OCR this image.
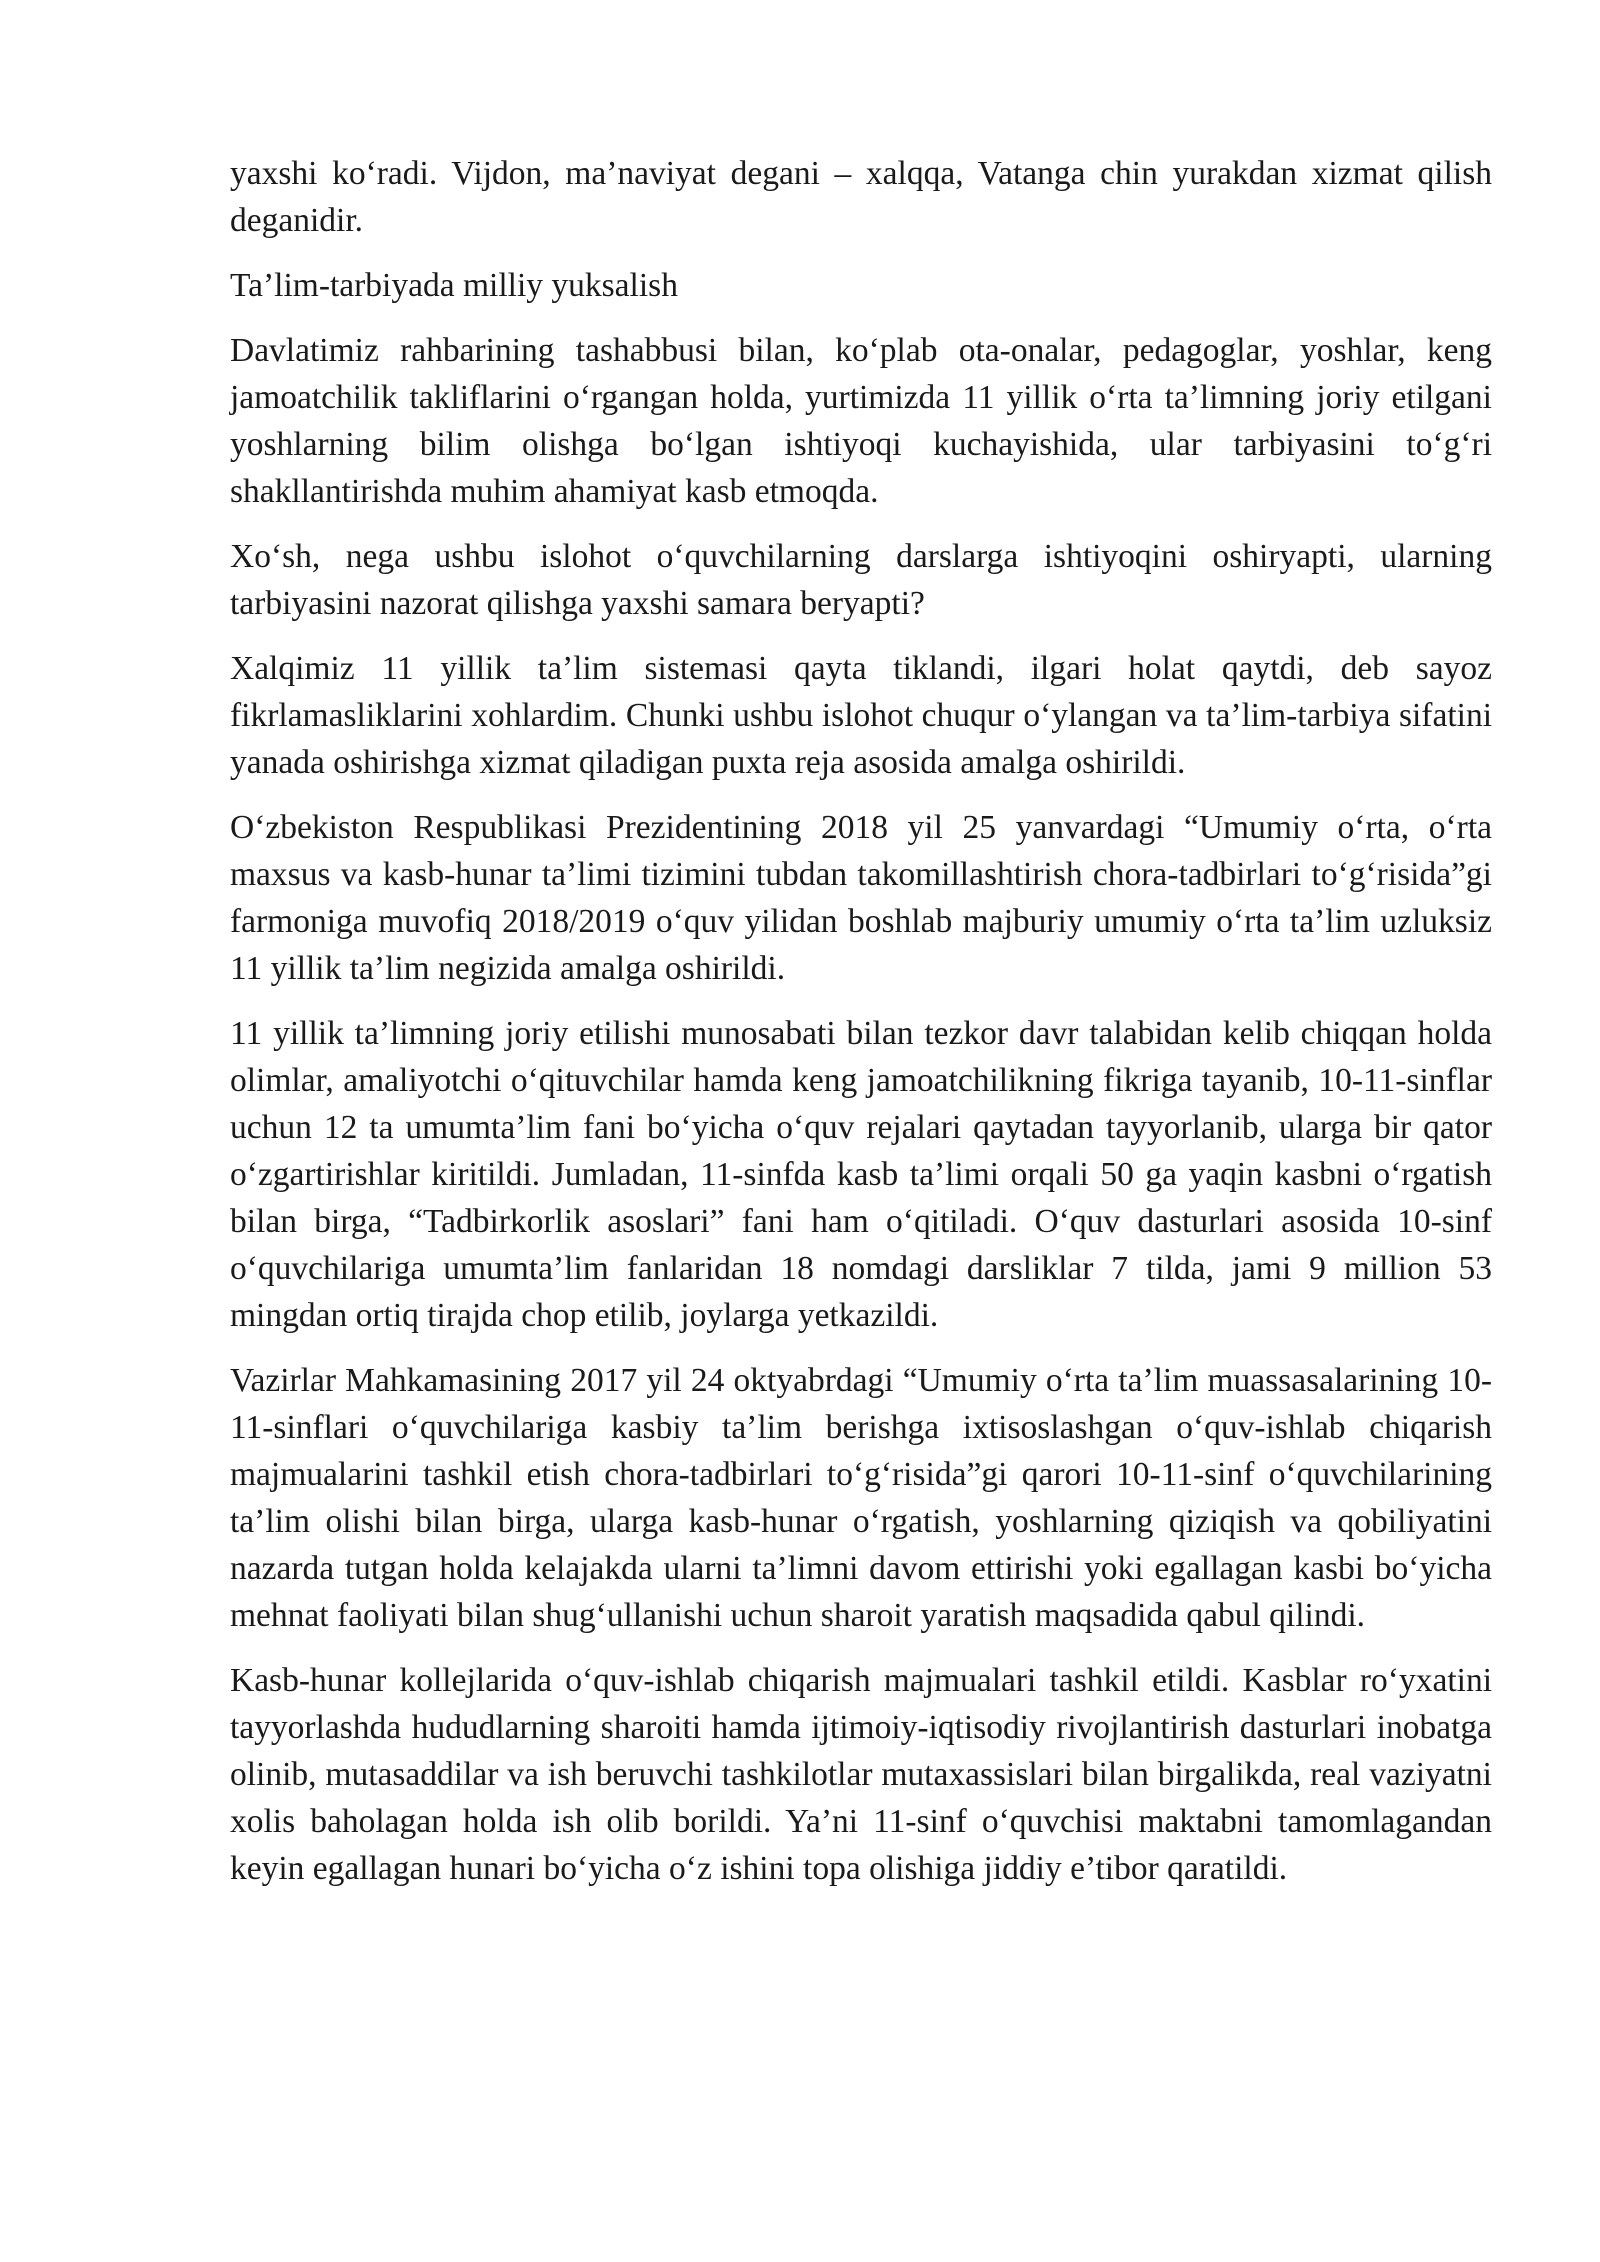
yaxshi ko‘radi. Vijdon, ma’naviyat degani – xalqqa, Vatanga chin yurakdan xizmat qilish deganidir.

Ta’lim-tarbiyada milliy yuksalish

Davlatimiz rahbarining tashabbusi bilan, ko‘plab ota-onalar, pedagoglar, yoshlar, keng jamoatchilik takliflarini o‘rgangan holda, yurtimizda 11 yillik o‘rta ta’limning joriy etilgani yoshlarning bilim olishga bo‘lgan ishtiyoqi kuchayishida, ular tarbiyasini to‘g‘ri shakllantirishda muhim ahamiyat kasb etmoqda.

Xo‘sh, nega ushbu islohot o‘quvchilarning darslarga ishtiyoqini oshiryapti, ularning tarbiyasini nazorat qilishga yaxshi samara beryapti?

Xalqimiz 11 yillik ta’lim sistemasi qayta tiklandi, ilgari holat qaytdi, deb sayoz fikrlamasliklarini xohlardim. Chunki ushbu islohot chuqur o‘ylangan va ta’lim-tarbiya sifatini yanada oshirishga xizmat qiladigan puxta reja asosida amalga oshirildi.

O‘zbekiston Respublikasi Prezidentining 2018 yil 25 yanvardagi “Umumiy o‘rta, o‘rta maxsus va kasb-hunar ta’limi tizimini tubdan takomillashtirish chora-tadbirlari to‘g‘risida”gi farmoniga muvofiq 2018/2019 o‘quv yilidan boshlab majburiy umumiy o‘rta ta’lim uzluksiz 11 yillik ta’lim negizida amalga oshirildi.

11 yillik ta’limning joriy etilishi munosabati bilan tezkor davr talabidan kelib chiqqan holda olimlar, amaliyotchi o‘qituvchilar hamda keng jamoatchilikning fikriga tayanib, 10-11-sinflar uchun 12 ta umumta’lim fani bo‘yicha o‘quv rejalari qaytadan tayyorlanib, ularga bir qator o‘zgartirishlar kiritildi. Jumladan, 11-sinfda kasb ta’limi orqali 50 ga yaqin kasbni o‘rgatish bilan birga, “Tadbirkorlik asoslari” fani ham o‘qitiladi. O‘quv dasturlari asosida 10-sinf o‘quvchilariga umumta’lim fanlaridan 18 nomdagi darsliklar 7 tilda, jami 9 million 53 mingdan ortiq tirajda chop etilib, joylarga yetkazildi.

Vazirlar Mahkamasining 2017 yil 24 oktyabrdagi “Umumiy o‘rta ta’lim muassasalarining 10-11-sinflari o‘quvchilariga kasbiy ta’lim berishga ixtisoslashgan o‘quv-ishlab chiqarish majmualarini tashkil etish chora-tadbirlari to‘g‘risida”gi qarori 10-11-sinf o‘quvchilarining ta’lim olishi bilan birga, ularga kasb-hunar o‘rgatish, yoshlarning qiziqish va qobiliyatini nazarda tutgan holda kelajakda ularni ta’limni davom ettirishi yoki egallagan kasbi bo‘yicha mehnat faoliyati bilan shug‘ullanishi uchun sharoit yaratish maqsadida qabul qilindi.

Kasb-hunar kollejlarida o‘quv-ishlab chiqarish majmualari tashkil etildi. Kasblar ro‘yxatini tayyorlashda hududlarning sharoiti hamda ijtimoiy-iqtisodiy rivojlantirish dasturlari inobatga olinib, mutasaddilar va ish beruvchi tashkilotlar mutaxassislari bilan birgalikda, real vaziyatni xolis baholagan holda ish olib borildi. Ya’ni 11-sinf o‘quvchisi maktabni tamomlagandan keyin egallagan hunari bo‘yicha o‘z ishini topa olishiga jiddiy e’tibor qaratildi.
